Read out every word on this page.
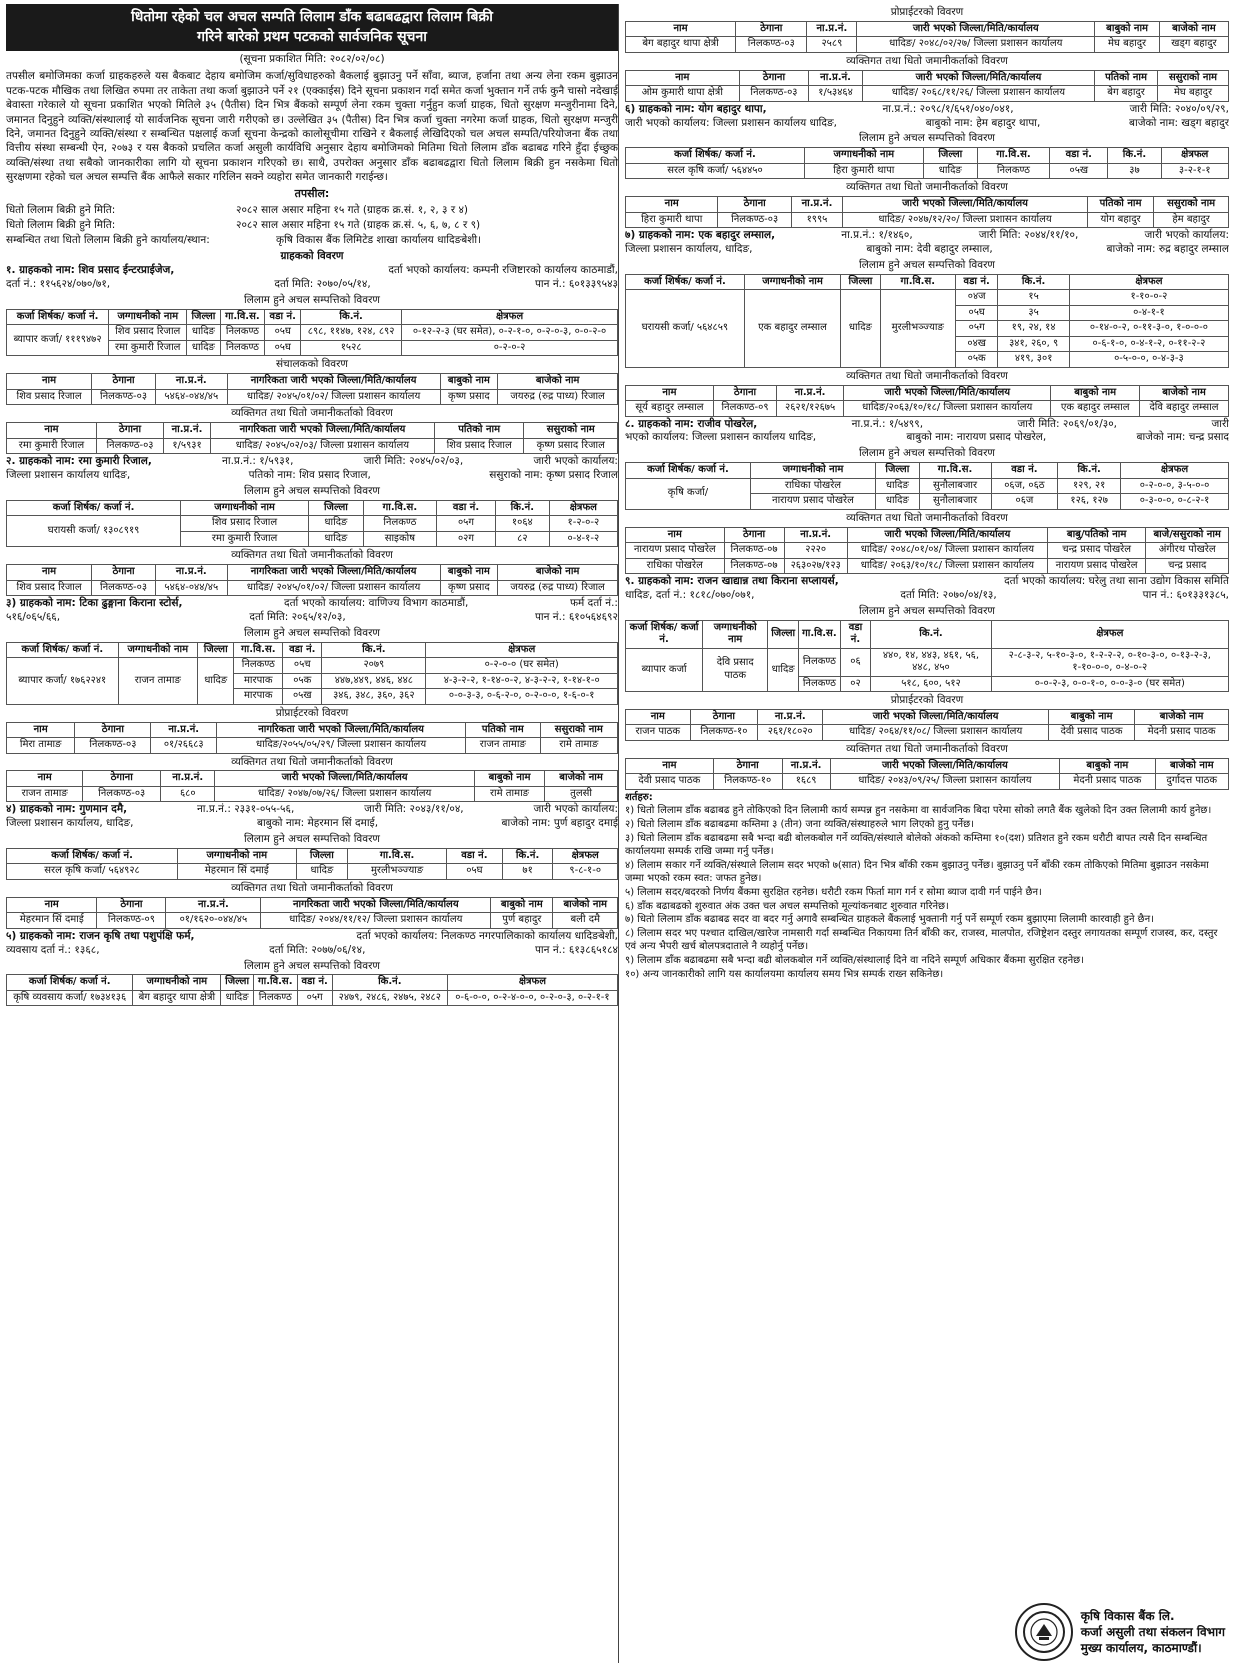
धितोमा रहेको चल अचल सम्पति लिलाम डाँक बढाबढद्वारा लिलाम बिक्री
गरिने बारेको प्रथम पटकको सार्वजनिक सूचना

(सूचना प्रकाशित मिति: २०८२/०२/०८)

तपसील बमोजिमका कर्जा ग्राहकहरुले यस बैकबाट देहाय बमोजिम कर्जा/सुविधाहरुको बैकलाई बुझाउनु पर्ने साँवा, ब्याज, हर्जाना तथा अन्य लेना रकम बुझाउन पटक-पटक मौखिक तथा लिखित रुपमा तर ताकेता तथा कर्जा बुझाउने पर्ने २१ (एक्काईस) दिने सूचना प्रकाशन गर्दा समेत कर्जा भुक्तान गर्ने तर्फ कुनै चासो नदेखाई बेवास्ता गरेकाले यो सूचना प्रकाशित भएको मितिले ३५ (पैतीस) दिन भित्र बैंकको सम्पूर्ण लेना रकम चुक्ता गर्नुहुन कर्जा ग्राहक, धितो सुरक्षण मन्जुरीनामा दिने, जमानत दिनुहुने व्यक्ति/संस्थालाई यो सार्वजनिक सूचना जारी गरीएको छ। उल्लेखित ३५ (पैतीस) दिन भित्र कर्जा चुक्ता नगरेमा कर्जा ग्राहक, धितो सुरक्षण मन्जुरी दिने, जमानत दिनुहुने व्यक्ति/संस्था र सम्बन्धित पक्षलाई कर्जा सूचना केन्द्रको कालोसूचीमा राखिने र बैकलाई लेखिदिएको चल अचल सम्पति/परियोजना बैंक तथा वित्तीय संस्था सम्बन्धी ऐन, २०७३ र यस बैकको प्रचलित कर्जा असुली कार्यविधि अनुसार देहाय बमोजिमको मितिमा धितो लिलाम डाँक बढाबढ गरिने हुँदा ईच्छुक व्यक्ति/संस्था तथा सबैको जानकारीका लागि यो सूचना प्रकाशन गरिएको छ। साथै, उपरोक्त अनुसार डाँक बढाबढद्वारा धितो लिलाम बिक्री हुन नसकेमा धितो सुरक्षणमा रहेको चल अचल सम्पत्ति बैंक आफैले सकार गरिलिन सक्ने व्यहोरा समेत जानकारी गराईन्छ।

तपसील:

धितो लिलाम बिक्री हुने मिति:	२०८२ साल असार महिना १५ गते (ग्राहक क्र.सं. १, २, ३ र ४)
धितो लिलाम बिक्री हुने मिति:	२०८२ साल असार महिना १५ गते (ग्राहक क्र.सं. ५, ६, ७, ८ र ९)
सम्बन्धित तथा धितो लिलाम बिक्री हुने कार्यालय/स्थान:	कृषि विकास बैंक लिमिटेड शाखा कार्यालय धादिङबेशी।

ग्राहकको विवरण

१. ग्राहकको नाम: शिव प्रसाद ईन्टरप्राईजेज,	दर्ता भएको कार्यालय: कम्पनी रजिष्टारको कार्यालय काठमाडौं,
दर्ता नं.: ११५६२४/०७०/७१,	दर्ता मिति: २०७०/०५/१४,	पान नं.: ६०१३३९५४३

लिलाम हुने अचल सम्पत्तिको विवरण

कर्जा शिर्षक/ कर्जा नं.	जग्गाधनीको नाम	जिल्ला	गा.वि.स.	वडा नं.	कि.नं.	क्षेत्रफल
ब्यापार कर्जा/ १११९४७२	शिव प्रसाद रिजाल	धादिङ	निलकण्ठ	०५घ	८९८, ११४७, १२४, ८९२	०-१२-२-३ (घर समेत), ०-२-१-०, ०-२-०-३, ०-०-२-०
	रमा कुमारी रिजाल	धादिङ	निलकण्ठ	०५घ	१५२८	०-२-०-२

संचालकको विवरण

नाम	ठेगाना	ना.प्र.नं.	नागरिकता जारी भएको जिल्ला/मिति/कार्यालय	बाबुको नाम	बाजेको नाम
शिव प्रसाद रिजाल	निलकण्ठ-०३	५४६४-०४४/४५	धादिङ/ २०४५/०१/०२/ जिल्ला प्रशासन कार्यालय	कृष्ण प्रसाद	जयरुद्र (रुद्र पाध्य) रिजाल

व्यक्तिगत तथा धितो जमानीकर्ताको विवरण

नाम	ठेगाना	ना.प्र.नं.	नागरिकता जारी भएको जिल्ला/मिति/कार्यालय	पतिको नाम	ससुराको नाम
रमा कुमारी रिजाल	निलकण्ठ-०३	१/५९३१	धादिङ/ २०४५/०२/०३/ जिल्ला प्रशासन कार्यालय	शिव प्रसाद रिजाल	कृष्ण प्रसाद रिजाल
२. ग्राहकको नाम: रमा कुमारी रिजाल,	ना.प्र.नं.: १/५९३१,	जारी मिति: २०४५/०२/०३,	जारी भएको कार्यालय:
जिल्ला प्रशासन कार्यालय धादिङ,	पतिको नाम: शिव प्रसाद रिजाल,	ससुराको नाम: कृष्ण प्रसाद रिजाल

लिलाम हुने अचल सम्पत्तिको विवरण

कर्जा शिर्षक/ कर्जा नं.	जग्गाधनीको नाम	जिल्ला	गा.वि.स.	वडा नं.	कि.नं.	क्षेत्रफल
घरायसी कर्जा/ १३०८९१९	शिव प्रसाद रिजाल	धादिङ	निलकण्ठ	०५ग	१०६४	१-२-०-२
	रमा कुमारी रिजाल	धादिङ	साइकोष	०२ग	८२	०-४-१-२

व्यक्तिगत तथा धितो जमानीकर्ताको विवरण

नाम	ठेगाना	ना.प्र.नं.	नागरिकता जारी भएको जिल्ला/मिति/कार्यालय	बाबुको नाम	बाजेको नाम
शिव प्रसाद रिजाल	निलकण्ठ-०३	५४६४-०४४/४५	धादिङ/ २०४५/०१/०२/ जिल्ला प्रशासन कार्यालय	कृष्ण प्रसाद	जयरुद्र (रुद्र पाध्य) रिजाल
३) ग्राहकको नाम: टिका ढुङ्गाना किराना स्टोर्स,	दर्ता भएको कार्यालय: वाणिज्य विभाग काठमाडौं,	फर्म दर्ता नं.:
५१६/०६५/६६,	दर्ता मिति: २०६५/१२/०३,	पान नं.: ६१०५६४६९२

लिलाम हुने अचल सम्पत्तिको विवरण

कर्जा शिर्षक/ कर्जा नं.	जग्गाधनीको नाम	जिल्ला	गा.वि.स.	वडा नं.	कि.नं.	क्षेत्रफल
ब्यापार कर्जा/ १७६२२४१	राजन तामाङ	धादिङ	निलकण्ठ	०५च	२०७९	०-२-०-० (घर समेत)
			मारपाक	०५क	४४७,४४९, ४४६, ४४८	४-३-२-२, १-१४-०-२, ४-३-२-२, १-१४-१-०
			मारपाक	०५ख	३४६, ३४८, ३६०, ३६२	०-०-३-३, ०-६-२-०, ०-२-०-०, १-६-०-१

प्रोप्राईटरको विवरण

नाम	ठेगाना	ना.प्र.नं.	नागरिकता जारी भएको जिल्ला/मिति/कार्यालय	पतिको नाम	ससुराको नाम
मिरा तामाङ	निलकण्ठ-०३	०१/२६६८३	धादिङ/२०५५/०५/२९/ जिल्ला प्रशासन कार्यालय	राजन तामाङ	रामे तामाङ

व्यक्तिगत तथा धितो जमानीकर्ताको विवरण

नाम	ठेगाना	ना.प्र.नं.	जारी भएको जिल्ला/मिति/कार्यालय	बाबुको नाम	बाजेको नाम
राजन तामाङ	निलकण्ठ-०३	६८०	धादिङ/ २०४७/०७/२६/ जिल्ला प्रशासन कार्यालय	रामे तामाङ	तुलसी
४) ग्राहकको नाम: गुणमान दमै,	ना.प्र.नं.: २३३१-०५५-५६,	जारी मिति: २०४३/११/०४,	जारी भएको कार्यालय:
जिल्ला प्रशासन कार्यालय, धादिङ,	बाबुको नाम: मेहरमान सिं दमाई,	बाजेको नाम: पुर्ण बहादुर दमाई

लिलाम हुने अचल सम्पत्तिको विवरण

कर्जा शिर्षक/ कर्जा नं.	जग्गाधनीको नाम	जिल्ला	गा.वि.स.	वडा नं.	कि.नं.	क्षेत्रफल
सरल कृषि कर्जा/ ५६४९२८	मेहरमान सिं दमाई	धादिङ	मुरलीभञ्ज्याङ	०५घ	७१	९-८-१-०

व्यक्तिगत तथा धितो जमानीकर्ताको विवरण

नाम	ठेगाना	ना.प्र.नं.	नागरिकता जारी भएको जिल्ला/मिति/कार्यालय	बाबुको नाम	बाजेको नाम
मेहरमान सिं दमाई	निलकण्ठ-०९	०१/१६२०-०४४/४५	धादिङ/ २०४४/११/१२/ जिल्ला प्रशासन कार्यालय	पुर्ण बहादुर	बली दमै
५) ग्राहकको नाम: राजन कृषि तथा पशुपंक्षि फर्म,	दर्ता भएको कार्यालय: निलकण्ठ नगरपालिकाको कार्यालय धादिङबेशी,
व्यवसाय दर्ता नं.: १३६८,	दर्ता मिति: २०७७/०६/१४,	पान नं.: ६१३८६५१८४

लिलाम हुने अचल सम्पत्तिको विवरण

कर्जा शिर्षक/ कर्जा नं.	जग्गाधनीको नाम	जिल्ला	गा.वि.स.	वडा नं.	कि.नं.	क्षेत्रफल
कृषि व्यवसाय कर्जा/ १७३४१३६	बेग बहादुर थापा क्षेत्री	धादिङ	निलकण्ठ	०५ग	२४७९, २४८६, २४७५, २४८२	०-६-०-०, ०-२-४-०-०, ०-२-०-३, ०-२-१-१

प्रोप्राईटरको विवरण

नाम	ठेगाना	ना.प्र.नं.	जारी भएको जिल्ला/मिति/कार्यालय	बाबुको नाम	बाजेको नाम
बेग बहादुर थापा क्षेत्री	निलकण्ठ-०३	२५८९	धादिङ/ २०४८/०२/२७/ जिल्ला प्रशासन कार्यालय	मेघ बहादुर	खड्ग बहादुर

व्यक्तिगत तथा धितो जमानीकर्ताको विवरण

नाम	ठेगाना	ना.प्र.नं.	जारी भएको जिल्ला/मिति/कार्यालय	पतिको नाम	ससुराको नाम
ओम कुमारी थापा क्षेत्री	निलकण्ठ-०३	१/५३४६४	धादिङ/ २०६८/११/२६/ जिल्ला प्रशासन कार्यालय	बेग बहादुर	मेघ बहादुर
६) ग्राहकको नाम: योग बहादुर थापा,	ना.प्र.नं.: २०९८/१/६५१/०४०/०४१,	जारी मिति: २०४०/०९/२९,
जारी भएको कार्यालय: जिल्ला प्रशासन कार्यालय धादिङ,	बाबुको नाम: हेम बहादुर थापा,	बाजेको नाम: खड्ग बहादुर

लिलाम हुने अचल सम्पत्तिको विवरण

कर्जा शिर्षक/ कर्जा नं.	जग्गाधनीको नाम	जिल्ला	गा.वि.स.	वडा नं.	कि.नं.	क्षेत्रफल
सरल कृषि कर्जा/ ५६४४५०	हिरा कुमारी थापा	धादिङ	निलकण्ठ	०५ख	३७	३-२-१-१

व्यक्तिगत तथा धितो जमानीकर्ताको विवरण

नाम	ठेगाना	ना.प्र.नं.	जारी भएको जिल्ला/मिति/कार्यालय	पतिको नाम	ससुराको नाम
हिरा कुमारी थापा	निलकण्ठ-०३	१९९५	धादिङ/ २०४७/१२/२०/ जिल्ला प्रशासन कार्यालय	योग बहादुर	हेम बहादुर
७) ग्राहकको नाम: एक बहादुर लम्साल,	ना.प्र.नं.: १/१४६०,	जारी मिति: २०४४/११/१०,	जारी भएको कार्यालय:
जिल्ला प्रशासन कार्यालय, धादिङ,	बाबुको नाम: देवी बहादुर लम्साल,	बाजेको नाम: रुद्र बहादुर लम्साल

लिलाम हुने अचल सम्पत्तिको विवरण

कर्जा शिर्षक/ कर्जा नं.	जग्गाधनीको नाम	जिल्ला	गा.वि.स.	वडा नं.	कि.नं.	क्षेत्रफल
घरायसी कर्जा/ ५६४८५९	एक बहादुर लम्साल	धादिङ	मुरलीभञ्ज्याङ	०४ज	१५	१-१०-०-२
				०५घ	३५	०-४-१-१
				०५ग	१९, २४, १४	०-१४-०-२, ०-११-३-०, १-०-०-०
				०४ख	३४१, २६०, ९	०-६-१-०, ०-४-१-२, ०-११-२-२
				०५क	४१९, ३०१	०-५-०-०, ०-४-३-३

व्यक्तिगत तथा धितो जमानीकर्ताको विवरण

नाम	ठेगाना	ना.प्र.नं.	जारी भएको जिल्ला/मिति/कार्यालय	बाबुको नाम	बाजेको नाम
सूर्य बहादुर लम्साल	निलकण्ठ-०९	२६२१/१२६७५	धादिङ/२०६३/१०/१८/ जिल्ला प्रशासन कार्यालय	एक बहादुर लम्साल	देवि बहादुर लम्साल
८. ग्राहकको नाम: राजीव पोखरेल,	ना.प्र.नं.: १/५४९९,	जारी मिति: २०६९/०१/३०,	जारी
भएको कार्यालय: जिल्ला प्रशासन कार्यालय धादिङ,	बाबुको नाम: नारायण प्रसाद पोखरेल,	बाजेको नाम: चन्द्र प्रसाद

लिलाम हुने अचल सम्पत्तिको विवरण

कर्जा शिर्षक/ कर्जा नं.	जग्गाधनीको नाम	जिल्ला	गा.वि.स.	वडा नं.	कि.नं.	क्षेत्रफल
कृषि कर्जा/	राधिका पोखरेल	धादिङ	सुनौलाबजार	०६ज, ०६ठ	१२९, २१	०-२-०-०, ३-५-०-०
	नारायण प्रसाद पोखरेल	धादिङ	सुनौलाबजार	०६ज	१२६, १२७	०-३-०-०, ०-८-२-१

व्यक्तिगत तथा धितो जमानीकर्ताको विवरण

नाम	ठेगाना	ना.प्र.नं.	जारी भएको जिल्ला/मिति/कार्यालय	बाबु/पतिको नाम	बाजे/ससुराको नाम
नारायण प्रसाद पोखरेल	निलकण्ठ-०७	२२२०	धादिङ/ २०४८/०१/०४/ जिल्ला प्रशासन कार्यालय	चन्द्र प्रसाद पोखरेल	अंगीरथ पोखरेल
राधिका पोखरेल	निलकण्ठ-०७	२६३०२७/१२३	धादिङ/ २०६३/१०/१८/ जिल्ला प्रशासन कार्यालय	नारायण प्रसाद पोखरेल	चन्द्र प्रसाद
९. ग्राहकको नाम: राजन खाद्यान्न तथा किराना सप्लायर्स,	दर्ता भएको कार्यालय: घरेलु तथा साना उद्योग विकास समिति
धादिङ, दर्ता नं.: १८१८/०७०/०७१,	दर्ता मिति: २०७०/०४/१३,	पान नं.: ६०१३३१३८५,

लिलाम हुने अचल सम्पत्तिको विवरण

कर्जा शिर्षक/ कर्जा नं.	जग्गाधनीको नाम	जिल्ला	गा.वि.स.	वडा नं.	कि.नं.	क्षेत्रफल
ब्यापार कर्जा	देवि प्रसाद पाठक	धादिङ	निलकण्ठ	०६	४४०, १४, ४४३, ४६१, ५६, ४४८, ४५०	२-८-३-२, ५-१०-३-०, १-२-२-२, ०-१०-३-०, ०-१३-२-३, १-१०-०-०, ०-४-०-२
			निलकण्ठ	०२	५१८, ६००, ५१२	०-०-२-३, ०-०-१-०, ०-०-३-० (घर समेत)

प्रोप्राईटरको विवरण

नाम	ठेगाना	ना.प्र.नं.	जारी भएको जिल्ला/मिति/कार्यालय	बाबुको नाम	बाजेको नाम
राजन पाठक	निलकण्ठ-१०	२६१/१८०२०	धादिङ/ २०६४/११/०८/ जिल्ला प्रशासन कार्यालय	देवी प्रसाद पाठक	मेदनी प्रसाद पाठक

व्यक्तिगत तथा धितो जमानीकर्ताको विवरण

नाम	ठेगाना	ना.प्र.नं.	जारी भएको जिल्ला/मिति/कार्यालय	बाबुको नाम	बाजेको नाम
देवी प्रसाद पाठक	निलकण्ठ-१०	१६८९	धादिङ/ २०४३/०९/२५/ जिल्ला प्रशासन कार्यालय	मेदनी प्रसाद पाठक	दुर्गादत्त पाठक

शर्तहरु:

१) धितो लिलाम डाँक बढाबढ हुने तोकिएको दिन लिलामी कार्य सम्पन्न हुन नसकेमा वा सार्वजनिक बिदा परेमा सोको लगतै बैंक खुलेको दिन उक्त लिलामी कार्य हुनेछ।

२) धितो लिलाम डाँक बढाबढमा कम्तिमा ३ (तीन) जना व्यक्ति/संस्थाहरुले भाग लिएको हुनु पर्नेछ।

३) धितो लिलाम डाँक बढाबढमा सबै भन्दा बढी बोलकबोल गर्ने व्यक्ति/संस्थाले बोलेको अंकको कम्तिमा १०(दश) प्रतिशत हुने रकम धरौटी बापत त्यसै दिन सम्बन्धित कार्यालयमा सम्पर्क राखि जम्मा गर्नु पर्नेछ।

४) लिलाम सकार गर्ने व्यक्ति/संस्थाले लिलाम सदर भएको ७(सात) दिन भित्र बाँकी रकम बुझाउनु पर्नेछ। बुझाउनु पर्ने बाँकी रकम तोकिएको मितिमा बुझाउन नसकेमा जम्मा भएको रकम स्वत: जफत हुनेछ।

५) लिलाम सदर/बदरको निर्णय बैंकमा सुरक्षित रहनेछ। धरौटी रकम फिर्ता माग गर्न र सोमा ब्याज दावी गर्न पाईने छैन।

६) डाँक बढाबढको शुरुवात अंक उक्त चल अचल सम्पत्तिको मूल्यांकनबाट शुरुवात गरिनेछ।

७) धितो लिलाम डाँक बढाबढ सदर वा बदर गर्नु अगावै सम्बन्धित ग्राहकले बैंकलाई भुक्तानी गर्नु पर्ने सम्पूर्ण रकम बुझाएमा लिलामी कारवाही हुने छैन।

८) लिलाम सदर भए पश्चात दाखिल/खारेज नामसारी गर्दा सम्बन्धित निकायमा तिर्न बाँकी कर, राजस्व, मालपोत, रजिष्ट्रेशन दस्तुर लगायतका सम्पूर्ण राजस्व, कर, दस्तुर एवं अन्य भैपरी खर्च बोलपत्रदाताले नै व्यहोर्नु पर्नेछ।

९) लिलाम डाँक बढाबढमा सबै भन्दा बढी बोलकबोल गर्ने व्यक्ति/संस्थालाई दिने वा नदिने सम्पूर्ण अधिकार बैंकमा सुरक्षित रहनेछ।

१०) अन्य जानकारीको लागि यस कार्यालयमा कार्यालय समय भित्र सम्पर्क राख्न सकिनेछ।

कृषि विकास बैंक लि.

कर्जा असुली तथा संकलन विभाग

मुख्य कार्यालय, काठमाण्डौं।
